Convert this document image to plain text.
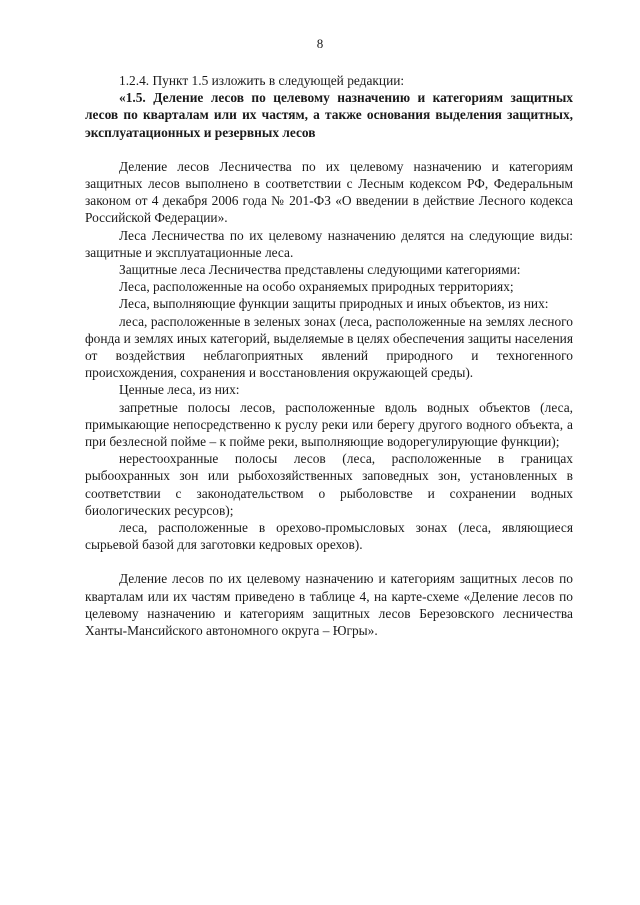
8

1.2.4. Пункт 1.5 изложить в следующей редакции:

«1.5. Деление лесов по целевому назначению и категориям защитных лесов по кварталам или их частям, а также основания выделения защитных, эксплуатационных и резервных лесов

Деление лесов Лесничества по их целевому назначению и категориям защитных лесов выполнено в соответствии с Лесным кодексом РФ, Федеральным законом от 4 декабря 2006 года № 201-ФЗ «О введении в действие Лесного кодекса Российской Федерации».

Леса Лесничества по их целевому назначению делятся на следующие виды: защитные и эксплуатационные леса.

Защитные леса Лесничества представлены следующими категориями:

Леса, расположенные на особо охраняемых природных территориях;

Леса, выполняющие функции защиты природных и иных объектов, из них:

леса, расположенные в зеленых зонах (леса, расположенные на землях лесного фонда и землях иных категорий, выделяемые в целях обеспечения защиты населения от воздействия неблагоприятных явлений природного и техногенного происхождения, сохранения и восстановления окружающей среды).

Ценные леса, из них:

запретные полосы лесов, расположенные вдоль водных объектов (леса, примыкающие непосредственно к руслу реки или берегу другого водного объекта, а при безлесной пойме – к пойме реки, выполняющие водорегулирующие функции);

нерестоохранные полосы лесов (леса, расположенные в границах рыбоохранных зон или рыбохозяйственных заповедных зон, установленных в соответствии с законодательством о рыболовстве и сохранении водных биологических ресурсов);

леса, расположенные в орехово-промысловых зонах (леса, являющиеся сырьевой базой для заготовки кедровых орехов).

Деление лесов по их целевому назначению и категориям защитных лесов по кварталам или их частям приведено в таблице 4, на карте-схеме «Деление лесов по целевому назначению и категориям защитных лесов Березовского лесничества Ханты-Мансийского автономного округа – Югры».
